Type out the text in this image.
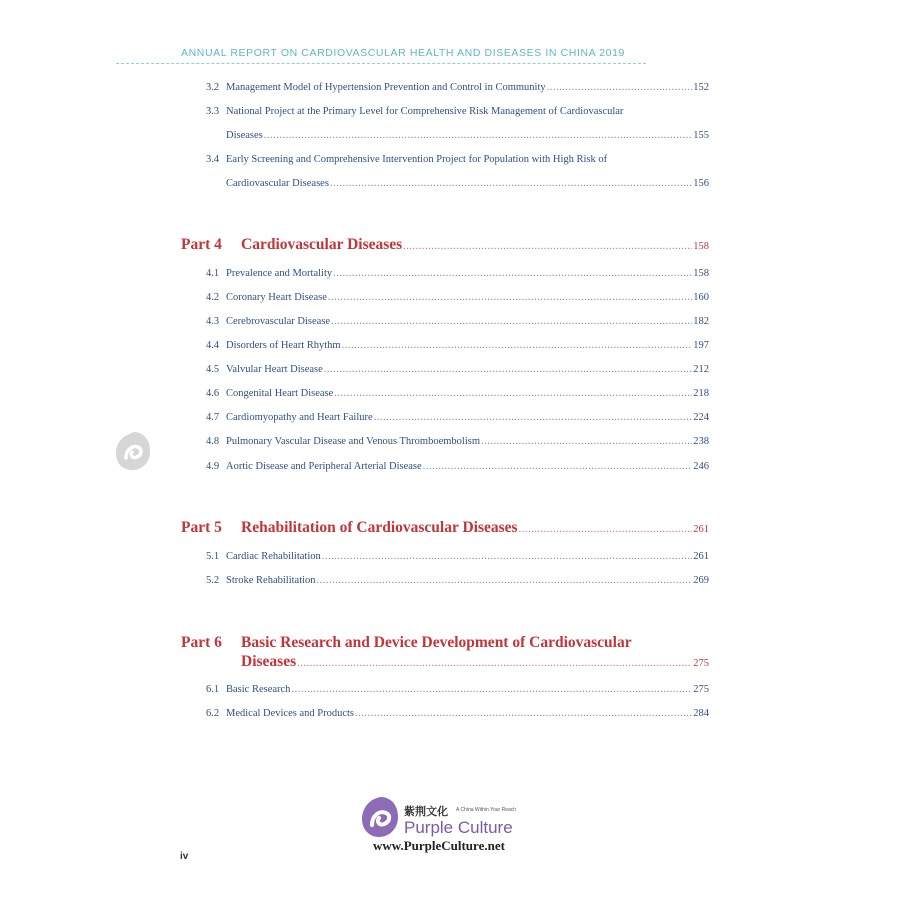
ANNUAL REPORT ON CARDIOVASCULAR HEALTH AND DISEASES IN CHINA 2019
3.2 Management Model of Hypertension Prevention and Control in Community .....	152
3.3 National Project at the Primary Level for Comprehensive Risk Management of Cardiovascular
Diseases .....	155
3.4 Early Screening and Comprehensive Intervention Project for Population with High Risk of
Cardiovascular Diseases .....	156
Part 4	Cardiovascular Diseases .....	158
4.1 Prevalence and Mortality .....	158
4.2 Coronary Heart Disease .....	160
4.3 Cerebrovascular Disease .....	182
4.4 Disorders of Heart Rhythm .....	197
4.5 Valvular Heart Disease .....	212
4.6 Congenital Heart Disease .....	218
4.7 Cardiomyopathy and Heart Failure .....	224
4.8 Pulmonary Vascular Disease and Venous Thromboembolism .....	238
4.9 Aortic Disease and Peripheral Arterial Disease .....	246
Part 5	Rehabilitation of Cardiovascular Diseases .....	261
5.1 Cardiac Rehabilitation .....	261
5.2 Stroke Rehabilitation .....	269
Part 6 Basic Research and Device Development of Cardiovascular
Diseases .....	275
6.1 Basic Research .....	275
6.2 Medical Devices and Products .....	284
紫荆文化 A China Within Your Reach
Purple Culture
www.PurpleCulture.net
iv
